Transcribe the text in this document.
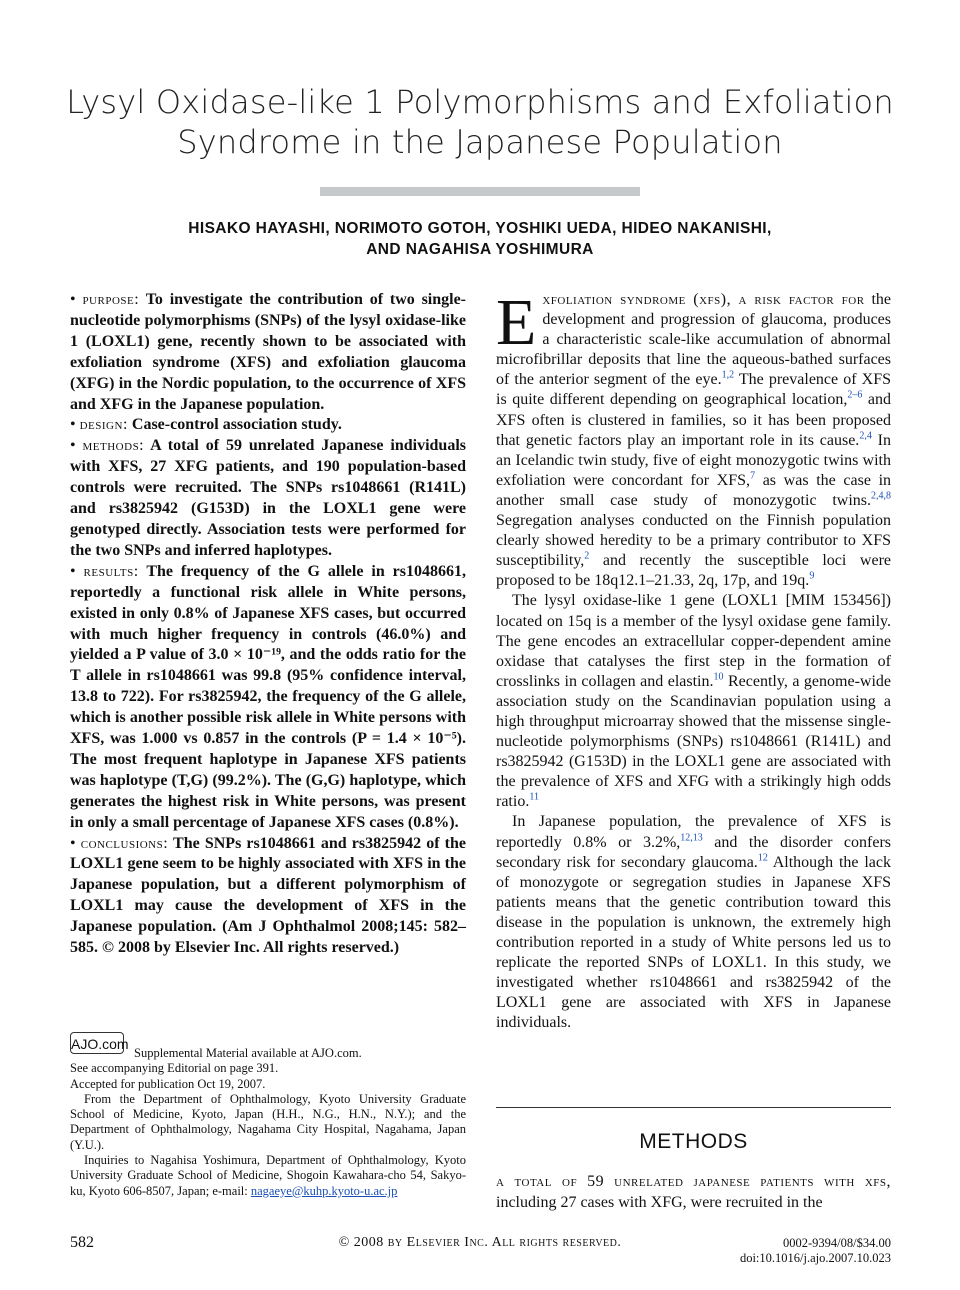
Lysyl Oxidase-like 1 Polymorphisms and Exfoliation
Syndrome in the Japanese Population
HISAKO HAYASHI, NORIMOTO GOTOH, YOSHIKI UEDA, HIDEO NAKANISHI,
AND NAGAHISA YOSHIMURA

• purpose: To investigate the contribution of two single-nucleotide polymorphisms (SNPs) of the lysyl oxidase-like 1 (LOXL1) gene, recently shown to be associated with exfoliation syndrome (XFS) and exfoliation glaucoma (XFG) in the Nordic population, to the occurrence of XFS and XFG in the Japanese population.

• design: Case-control association study.

• methods: A total of 59 unrelated Japanese individuals with XFS, 27 XFG patients, and 190 population-based controls were recruited. The SNPs rs1048661 (R141L) and rs3825942 (G153D) in the LOXL1 gene were genotyped directly. Association tests were performed for the two SNPs and inferred haplotypes.

• results: The frequency of the G allele in rs1048661, reportedly a functional risk allele in White persons, existed in only 0.8% of Japanese XFS cases, but occurred with much higher frequency in controls (46.0%) and yielded a P value of 3.0 × 10⁻¹⁹, and the odds ratio for the T allele in rs1048661 was 99.8 (95% confidence interval, 13.8 to 722). For rs3825942, the frequency of the G allele, which is another possible risk allele in White persons with XFS, was 1.000 vs 0.857 in the controls (P = 1.4 × 10⁻⁵). The most frequent haplotype in Japanese XFS patients was haplotype (T,G) (99.2%). The (G,G) haplotype, which generates the highest risk in White persons, was present in only a small percentage of Japanese XFS cases (0.8%).

• conclusions: The SNPs rs1048661 and rs3825942 of the LOXL1 gene seem to be highly associated with XFS in the Japanese population, but a different polymorphism of LOXL1 may cause the development of XFS in the Japanese population. (Am J Ophthalmol 2008;145: 582–585. © 2008 by Elsevier Inc. All rights reserved.)

AJO.com

Supplemental Material available at AJO.com.

See accompanying Editorial on page 391.

Accepted for publication Oct 19, 2007.

From the Department of Ophthalmology, Kyoto University Graduate School of Medicine, Kyoto, Japan (H.H., N.G., H.N., N.Y.); and the Department of Ophthalmology, Nagahama City Hospital, Nagahama, Japan (Y.U.).

Inquiries to Nagahisa Yoshimura, Department of Ophthalmology, Kyoto University Graduate School of Medicine, Shogoin Kawahara-cho 54, Sakyo-ku, Kyoto 606-8507, Japan; e-mail: nagaeye@kuhp.kyoto-u.ac.jp

Exfoliation syndrome (xfs), a risk factor for the development and progression of glaucoma, produces a characteristic scale-like accumulation of abnormal microfibrillar deposits that line the aqueous-bathed surfaces of the anterior segment of the eye.$^{1,2}$ The prevalence of XFS is quite different depending on geographical location,$^{2-6}$ and XFS often is clustered in families, so it has been proposed that genetic factors play an important role in its cause.$^{2,4}$ In an Icelandic twin study, five of eight monozygotic twins with exfoliation were concordant for XFS,$^7$ as was the case in another small case study of monozygotic twins.$^{2,4,8}$ Segregation analyses conducted on the Finnish population clearly showed heredity to be a primary contributor to XFS susceptibility,$^2$ and recently the susceptible loci were proposed to be 18q12.1–21.33, 2q, 17p, and 19q.$^9$

The lysyl oxidase-like 1 gene (LOXL1 [MIM 153456]) located on 15q is a member of the lysyl oxidase gene family. The gene encodes an extracellular copper-dependent amine oxidase that catalyses the first step in the formation of crosslinks in collagen and elastin.$^{10}$ Recently, a genome-wide association study on the Scandinavian population using a high throughput microarray showed that the missense single-nucleotide polymorphisms (SNPs) rs1048661 (R141L) and rs3825942 (G153D) in the LOXL1 gene are associated with the prevalence of XFS and XFG with a strikingly high odds ratio.$^{11}$

In Japanese population, the prevalence of XFS is reportedly 0.8% or 3.2%,$^{12,13}$ and the disorder confers secondary risk for secondary glaucoma.$^{12}$ Although the lack of monozygote or segregation studies in Japanese XFS patients means that the genetic contribution toward this disease in the population is unknown, the extremely high contribution reported in a study of White persons led us to replicate the reported SNPs of LOXL1. In this study, we investigated whether rs1048661 and rs3825942 of the LOXL1 gene are associated with XFS in Japanese individuals.

METHODS

a total of 59 unrelated japanese patients with xfs, including 27 cases with XFG, were recruited in the

582	© 2008 by Elsevier Inc. All rights reserved.	0002-9394/08/$34.00
doi:10.1016/j.ajo.2007.10.023
